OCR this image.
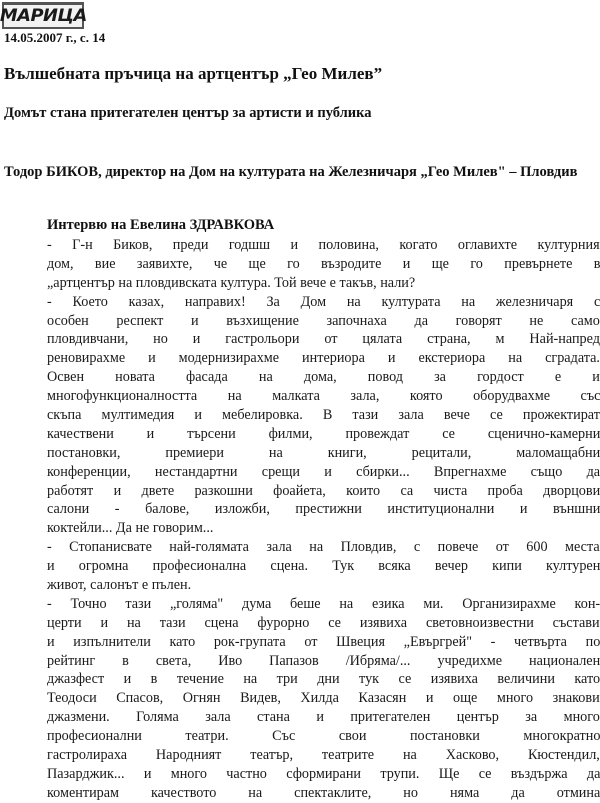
МАРИЦА
14.05.2007 г., с. 14
Вълшебната пръчица на артцентър „Гео Милев”
Домът стана притегателен център за артисти и публика
Тодор БИКОВ, директор на Дом на културата на Железничаря „Гео Милев" – Пловдив
Интервю на Евелина ЗДРАВКОВА
- Г-н Биков, преди годшш и половина, когато оглавихте културния
дом, вие заявихте, че ще го възродите и ще го превърнете в
„артцентър на пловдивската култура. Той вече е такъв, нали?
- Което казах, направих! За Дом на културата на железничаря с
особен респект и възхищение започнаха да говорят не само
пловдивчани, но и гастрольори от цялата страна, м Най-напред
реновирахме и модернизирахме интериора и екстериора на сградата.
Освен новата фасада на дома, повод за гордост е и
многофункционалността на малката зала, която оборудвахме със
скъпа мултимедия и мебелировка. В тази зала вече се прожектират
качествени и търсени филми, провеждат се сценично-камерни
постановки, премиери на книги, рецитали, маломащабни
конференции, нестандартни срещи и сбирки... Впрегнахме също да
работят и двете разкошни фоайета, които са чиста проба дворцови
салони - балове, изложби, престижни институционални и външни
коктейли... Да не говорим...
- Стопанисвате най-голямата зала на Пловдив, с повече от 600 места
и огромна професионална сцена. Тук всяка вечер кипи културен
живот, салонът е пълен.
- Точно тази „голяма" дума беше на езика ми. Организирахме кон-
церти и на тази сцена фурорно се изявиха световноизвестни състави
и изпълнители като рок-групата от Швеция „Евъргрей" - четвърта по
рейтинг в света, Иво Папазов /Ибряма/... учредихме национален
джазфест и в течение на три дни тук се изявиха величини като
Теодоси Спасов, Огнян Видев, Хилда Казасян и още много знакови
джазмени. Голяма зала стана и притегателен център за много
професионални театри. Със свои постановки многократно
гастролираха Народният театър, театрите на Хасково, Кюстендил,
Пазарджик... и много частно сформирани трупи. Ще се въздържа да
коментирам качеството на спектаклите, но няма да отмина
